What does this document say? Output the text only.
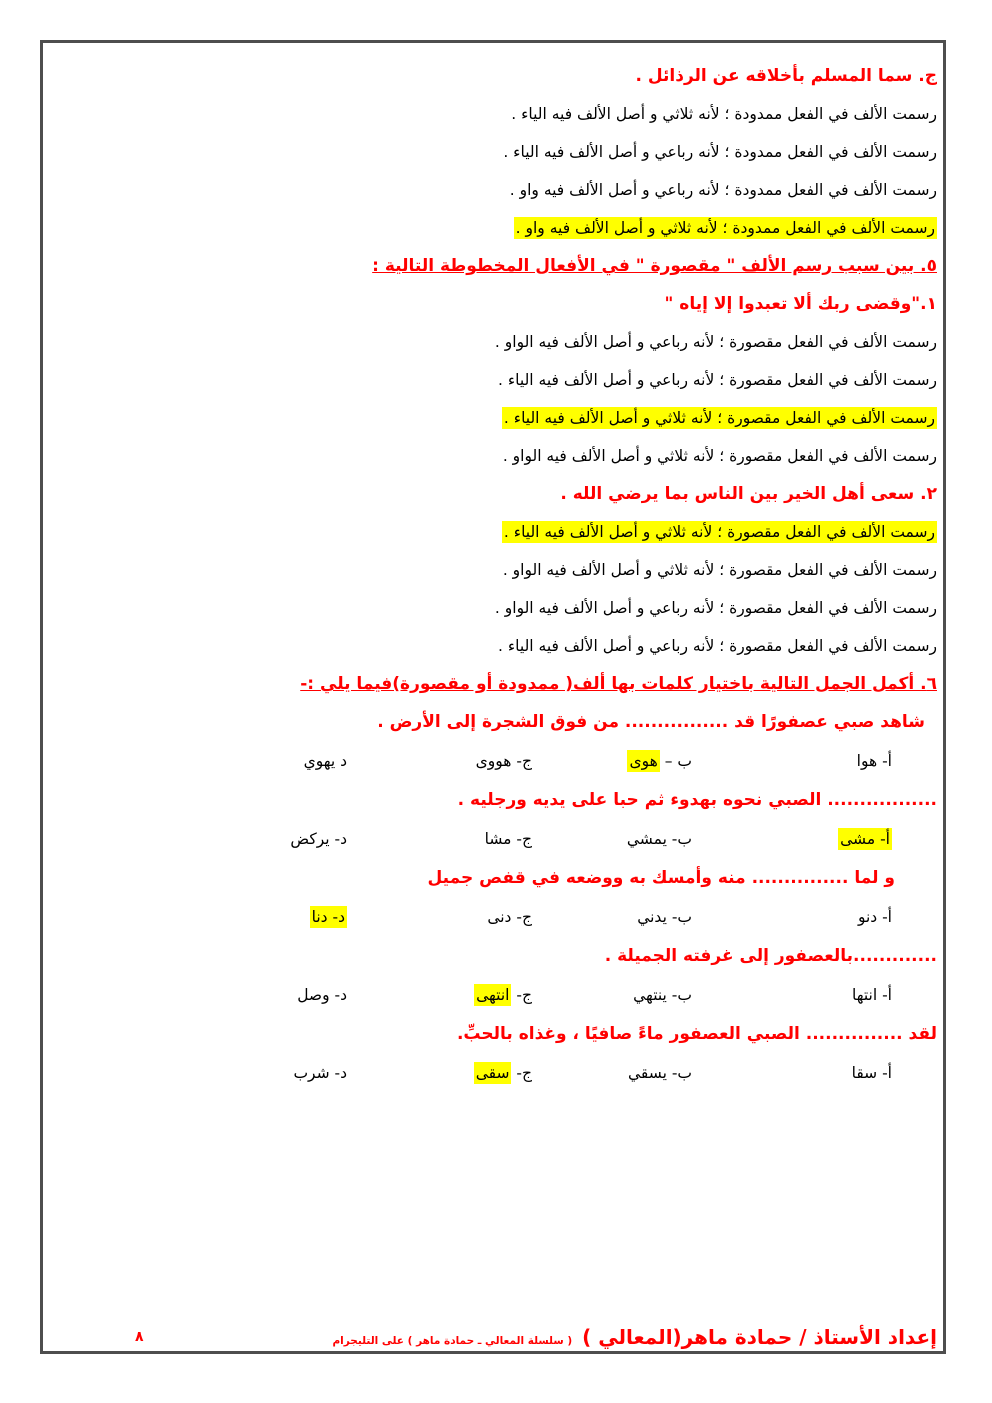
ج. سما المسلم بأخلاقه عن الرذائل .
رسمت الألف في الفعل ممدودة ؛ لأنه ثلاثي و أصل الألف فيه الياء .
رسمت الألف في الفعل ممدودة ؛ لأنه رباعي و أصل الألف فيه الياء .
رسمت الألف في الفعل ممدودة ؛ لأنه رباعي و أصل الألف فيه واو .
رسمت الألف في الفعل ممدودة ؛ لأنه ثلاثي و أصل الألف فيه واو .
٥. بين سبب رسم الألف " مقصورة " في الأفعال المخطوطة التالية :
١."وقضى ربك ألا تعبدوا إلا إياه "
رسمت الألف في الفعل مقصورة ؛ لأنه رباعي و أصل الألف فيه الواو .
رسمت الألف في الفعل مقصورة ؛ لأنه رباعي و أصل الألف فيه الياء .
رسمت الألف في الفعل مقصورة ؛ لأنه ثلاثي و أصل الألف فيه الياء .
رسمت الألف في الفعل مقصورة ؛ لأنه ثلاثي و أصل الألف فيه الواو .
٢. سعى أهل الخير بين الناس بما يرضي الله .
رسمت الألف في الفعل مقصورة ؛ لأنه ثلاثي و أصل الألف فيه الياء .
رسمت الألف في الفعل مقصورة ؛ لأنه ثلاثي و أصل الألف فيه الواو .
رسمت الألف في الفعل مقصورة ؛ لأنه رباعي و أصل الألف فيه الواو .
رسمت الألف في الفعل مقصورة ؛ لأنه رباعي و أصل الألف فيه الياء .
٦. أكمل الجمل التالية باختيار كلمات بها ألف( ممدودة أو مقصورة)فيما يلي :-
شاهد صبي عصفورًا قد ................ من فوق الشجرة إلى الأرض .
أ- هوا
ب – هوى
ج- هووى
د يهوي
................. الصبي نحوه بهدوء ثم حبا على يديه ورجليه .
أ- مشى
ب- يمشي
ج- مشا
د- يركض
و لما ............... منه وأمسك به ووضعه في قفص جميل
أ- دنو
ب- يدني
ج- دنى
د- دنا
.............بالعصفور إلى غرفته الجميلة .
أ- انتها
ب- ينتهي
ج- انتهى
د- وصل
لقد ............... الصبي العصفور ماءً صافيًا ، وغذاه بالحبِّ.
أ- سقا
ب- يسقي
ج- سقى
د- شرب
إعداد الأستاذ / حمادة ماهر(المعالي )
( سلسلة المعالي ـ حمادة ماهر ) على التليجرام
٨
